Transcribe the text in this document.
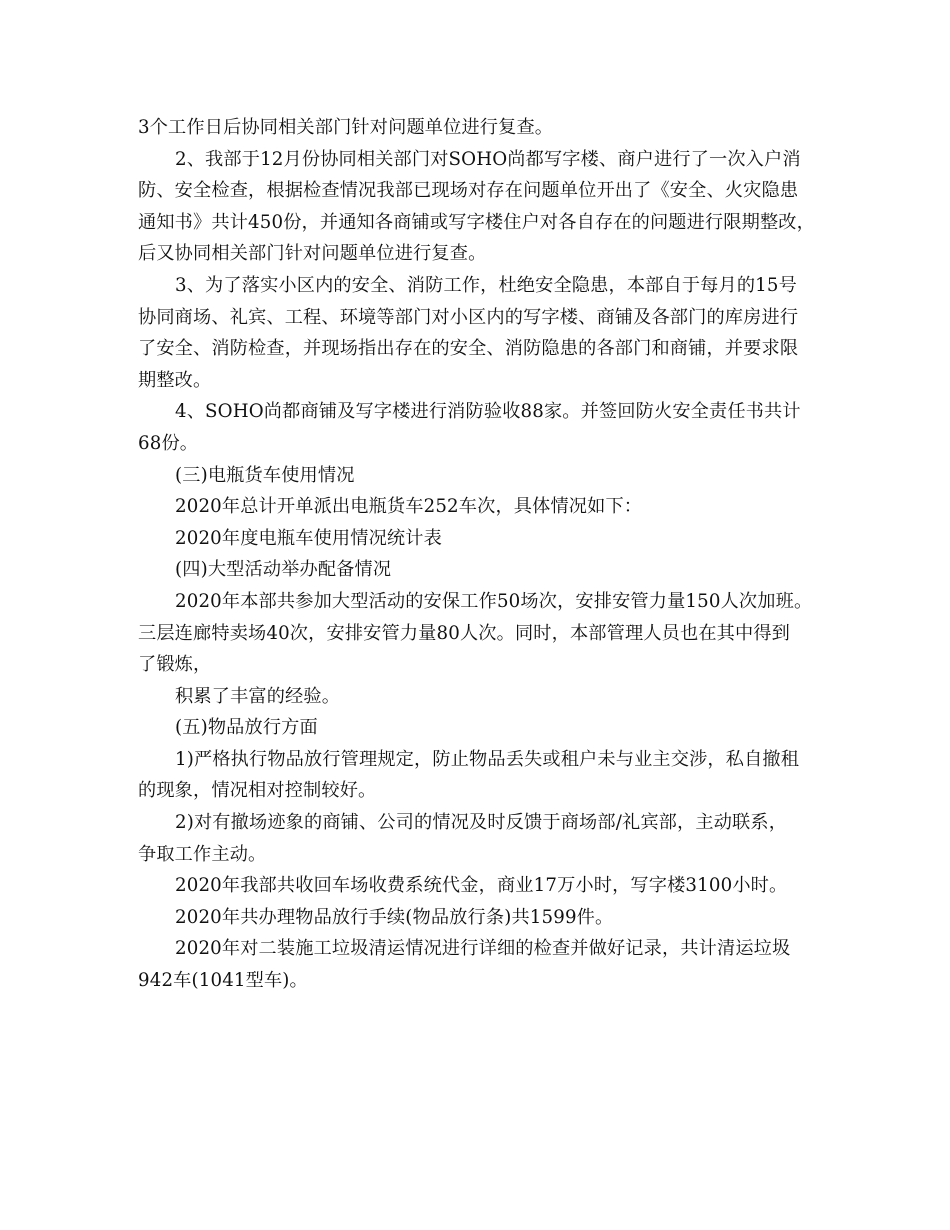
3个工作日后协同相关部门针对问题单位进行复查。
2、我部于12月份协同相关部门对SOHO尚都写字楼、商户进行了一次入户消
防、安全检查，根据检查情况我部已现场对存在问题单位开出了《安全、火灾隐患
通知书》共计450份，并通知各商铺或写字楼住户对各自存在的问题进行限期整改，
后又协同相关部门针对问题单位进行复查。
3、为了落实小区内的安全、消防工作，杜绝安全隐患，本部自于每月的15号
协同商场、礼宾、工程、环境等部门对小区内的写字楼、商铺及各部门的库房进行
了安全、消防检查，并现场指出存在的安全、消防隐患的各部门和商铺，并要求限
期整改。
4、SOHO尚都商铺及写字楼进行消防验收88家。并签回防火安全责任书共计
68份。
(三)电瓶货车使用情况
2020年总计开单派出电瓶货车252车次，具体情况如下：
2020年度电瓶车使用情况统计表
(四)大型活动举办配备情况
2020年本部共参加大型活动的安保工作50场次，安排安管力量150人次加班。
三层连廊特卖场40次，安排安管力量80人次。同时，本部管理人员也在其中得到
了锻炼，
积累了丰富的经验。
(五)物品放行方面
1)严格执行物品放行管理规定，防止物品丢失或租户未与业主交涉，私自撤租
的现象，情况相对控制较好。
2)对有撤场迹象的商铺、公司的情况及时反馈于商场部/礼宾部，主动联系，
争取工作主动。
2020年我部共收回车场收费系统代金，商业17万小时，写字楼3100小时。
2020年共办理物品放行手续(物品放行条)共1599件。
2020年对二装施工垃圾清运情况进行详细的检查并做好记录，共计清运垃圾
942车(1041型车)。
